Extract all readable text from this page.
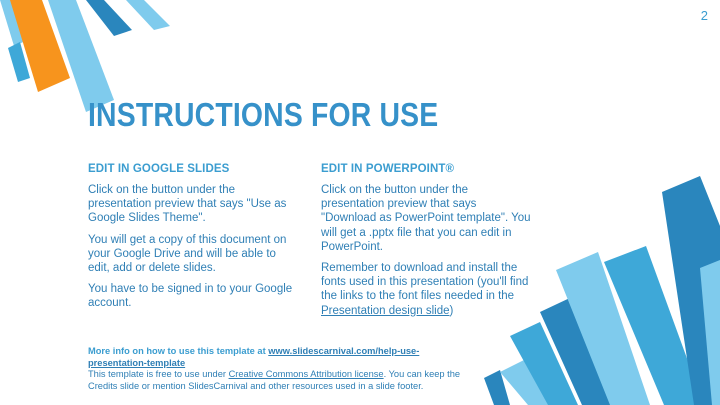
2
INSTRUCTIONS FOR USE
EDIT IN GOOGLE SLIDES

Click on the button under the presentation preview that says "Use as Google Slides Theme".

You will get a copy of this document on your Google Drive and will be able to edit, add or delete slides.

You have to be signed in to your Google account.

EDIT IN POWERPOINT®

Click on the button under the presentation preview that says "Download as PowerPoint template". You will get a .pptx file that you can edit in PowerPoint.

Remember to download and install the fonts used in this presentation (you'll find the links to the font files needed in the Presentation design slide)

More info on how to use this template at www.slidescarnival.com/help-use-presentation-template
This template is free to use under Creative Commons Attribution license. You can keep the Credits slide or mention SlidesCarnival and other resources used in a slide footer.
